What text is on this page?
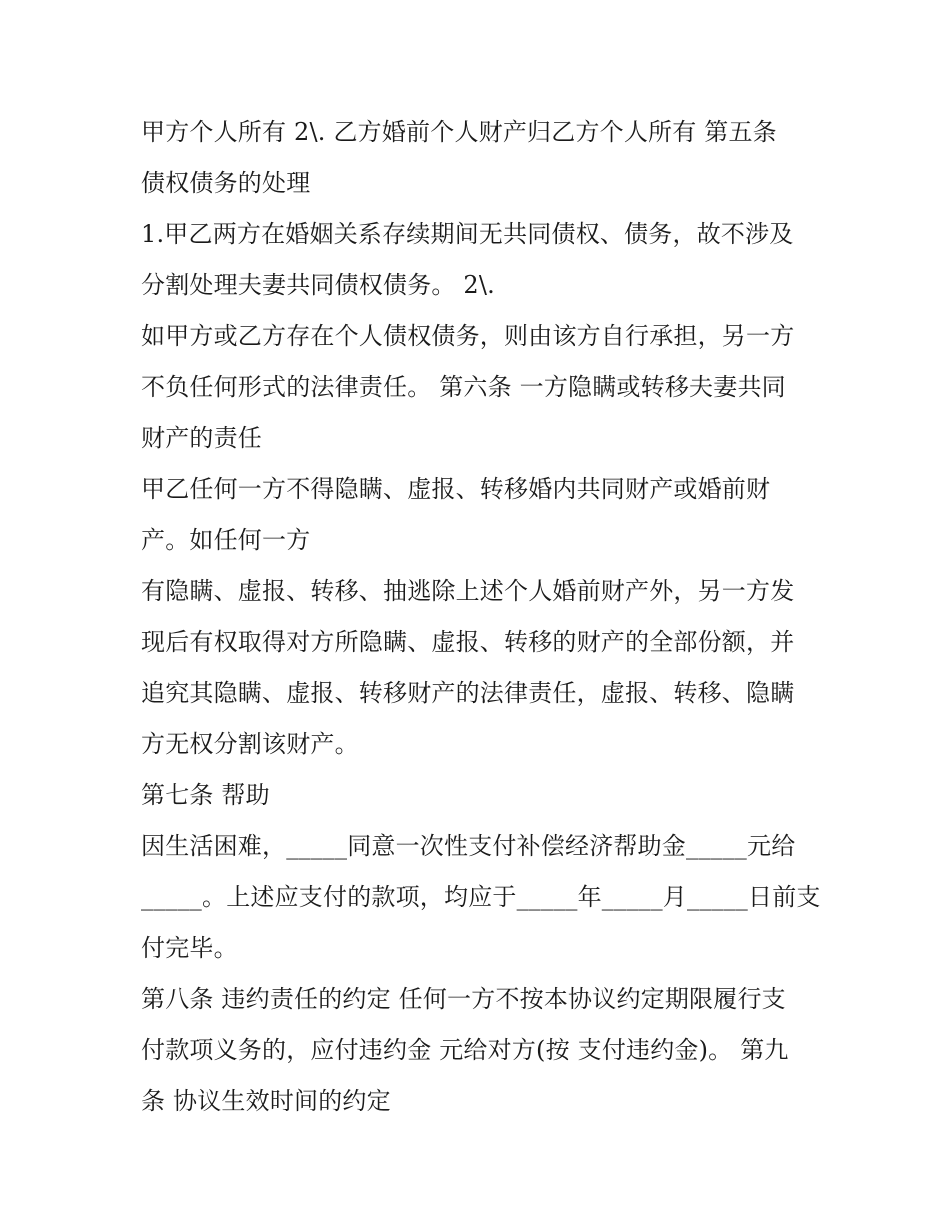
甲方个人所有 2\. 乙方婚前个人财产归乙方个人所有 第五条
债权债务的处理
1.甲乙两方在婚姻关系存续期间无共同债权、债务，故不涉及
分割处理夫妻共同债权债务。 2\.
如甲方或乙方存在个人债权债务，则由该方自行承担，另一方
不负任何形式的法律责任。 第六条 一方隐瞒或转移夫妻共同
财产的责任
甲乙任何一方不得隐瞒、虚报、转移婚内共同财产或婚前财
产。如任何一方
有隐瞒、虚报、转移、抽逃除上述个人婚前财产外，另一方发
现后有权取得对方所隐瞒、虚报、转移的财产的全部份额，并
追究其隐瞒、虚报、转移财产的法律责任，虚报、转移、隐瞒
方无权分割该财产。
第七条 帮助
因生活困难，_____同意一次性支付补偿经济帮助金_____元给
_____。上述应支付的款项，均应于_____年_____月_____日前支
付完毕。
第八条 违约责任的约定 任何一方不按本协议约定期限履行支
付款项义务的，应付违约金 元给对方(按 支付违约金)。 第九
条 协议生效时间的约定
